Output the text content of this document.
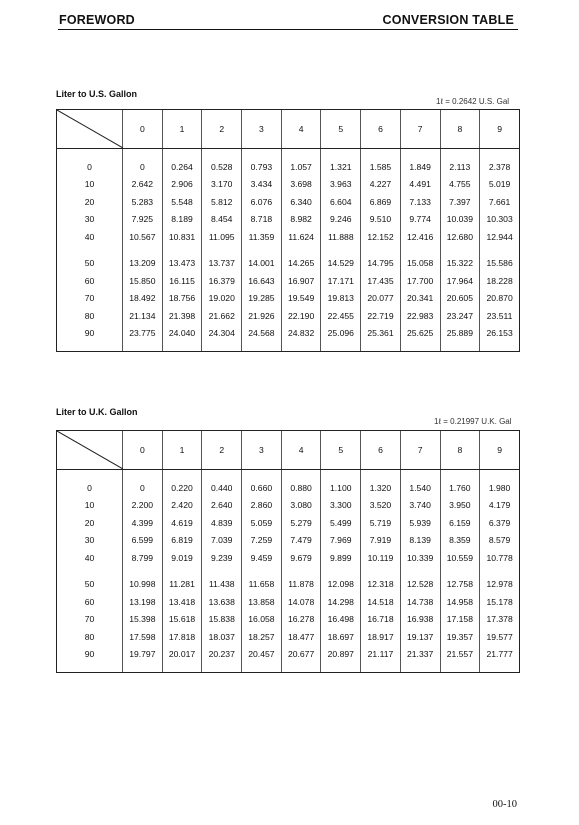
FOREWORD	CONVERSION TABLE
Liter to U.S. Gallon
1ℓ = 0.2642 U.S. Gal
	0	1	2	3	4	5	6	7	8	9

0	0	0.264	0.528	0.793	1.057	1.321	1.585	1.849	2.113	2.378
10	2.642	2.906	3.170	3.434	3.698	3.963	4.227	4.491	4.755	5.019
20	5.283	5.548	5.812	6.076	6.340	6.604	6.869	7.133	7.397	7.661
30	7.925	8.189	8.454	8.718	8.982	9.246	9.510	9.774	10.039	10.303
40	10.567	10.831	11.095	11.359	11.624	11.888	12.152	12.416	12.680	12.944

50	13.209	13.473	13.737	14.001	14.265	14.529	14.795	15.058	15.322	15.586
60	15.850	16.115	16.379	16.643	16.907	17.171	17.435	17.700	17.964	18.228
70	18.492	18.756	19.020	19.285	19.549	19.813	20.077	20.341	20.605	20.870
80	21.134	21.398	21.662	21.926	22.190	22.455	22.719	22.983	23.247	23.511
90	23.775	24.040	24.304	24.568	24.832	25.096	25.361	25.625	25.889	26.153

Liter to U.K. Gallon
1ℓ = 0.21997 U.K. Gal
	0	1	2	3	4	5	6	7	8	9

0	0	0.220	0.440	0.660	0.880	1.100	1.320	1.540	1.760	1.980
10	2.200	2.420	2.640	2.860	3.080	3.300	3.520	3.740	3.950	4.179
20	4.399	4.619	4.839	5.059	5.279	5.499	5.719	5.939	6.159	6.379
30	6.599	6.819	7.039	7.259	7.479	7.969	7.919	8.139	8.359	8.579
40	8.799	9.019	9.239	9.459	9.679	9.899	10.119	10.339	10.559	10.778

50	10.998	11.281	11.438	11.658	11.878	12.098	12.318	12.528	12.758	12.978
60	13.198	13.418	13.638	13.858	14.078	14.298	14.518	14.738	14.958	15.178
70	15.398	15.618	15.838	16.058	16.278	16.498	16.718	16.938	17.158	17.378
80	17.598	17.818	18.037	18.257	18.477	18.697	18.917	19.137	19.357	19.577
90	19.797	20.017	20.237	20.457	20.677	20.897	21.117	21.337	21.557	21.777

00-10
